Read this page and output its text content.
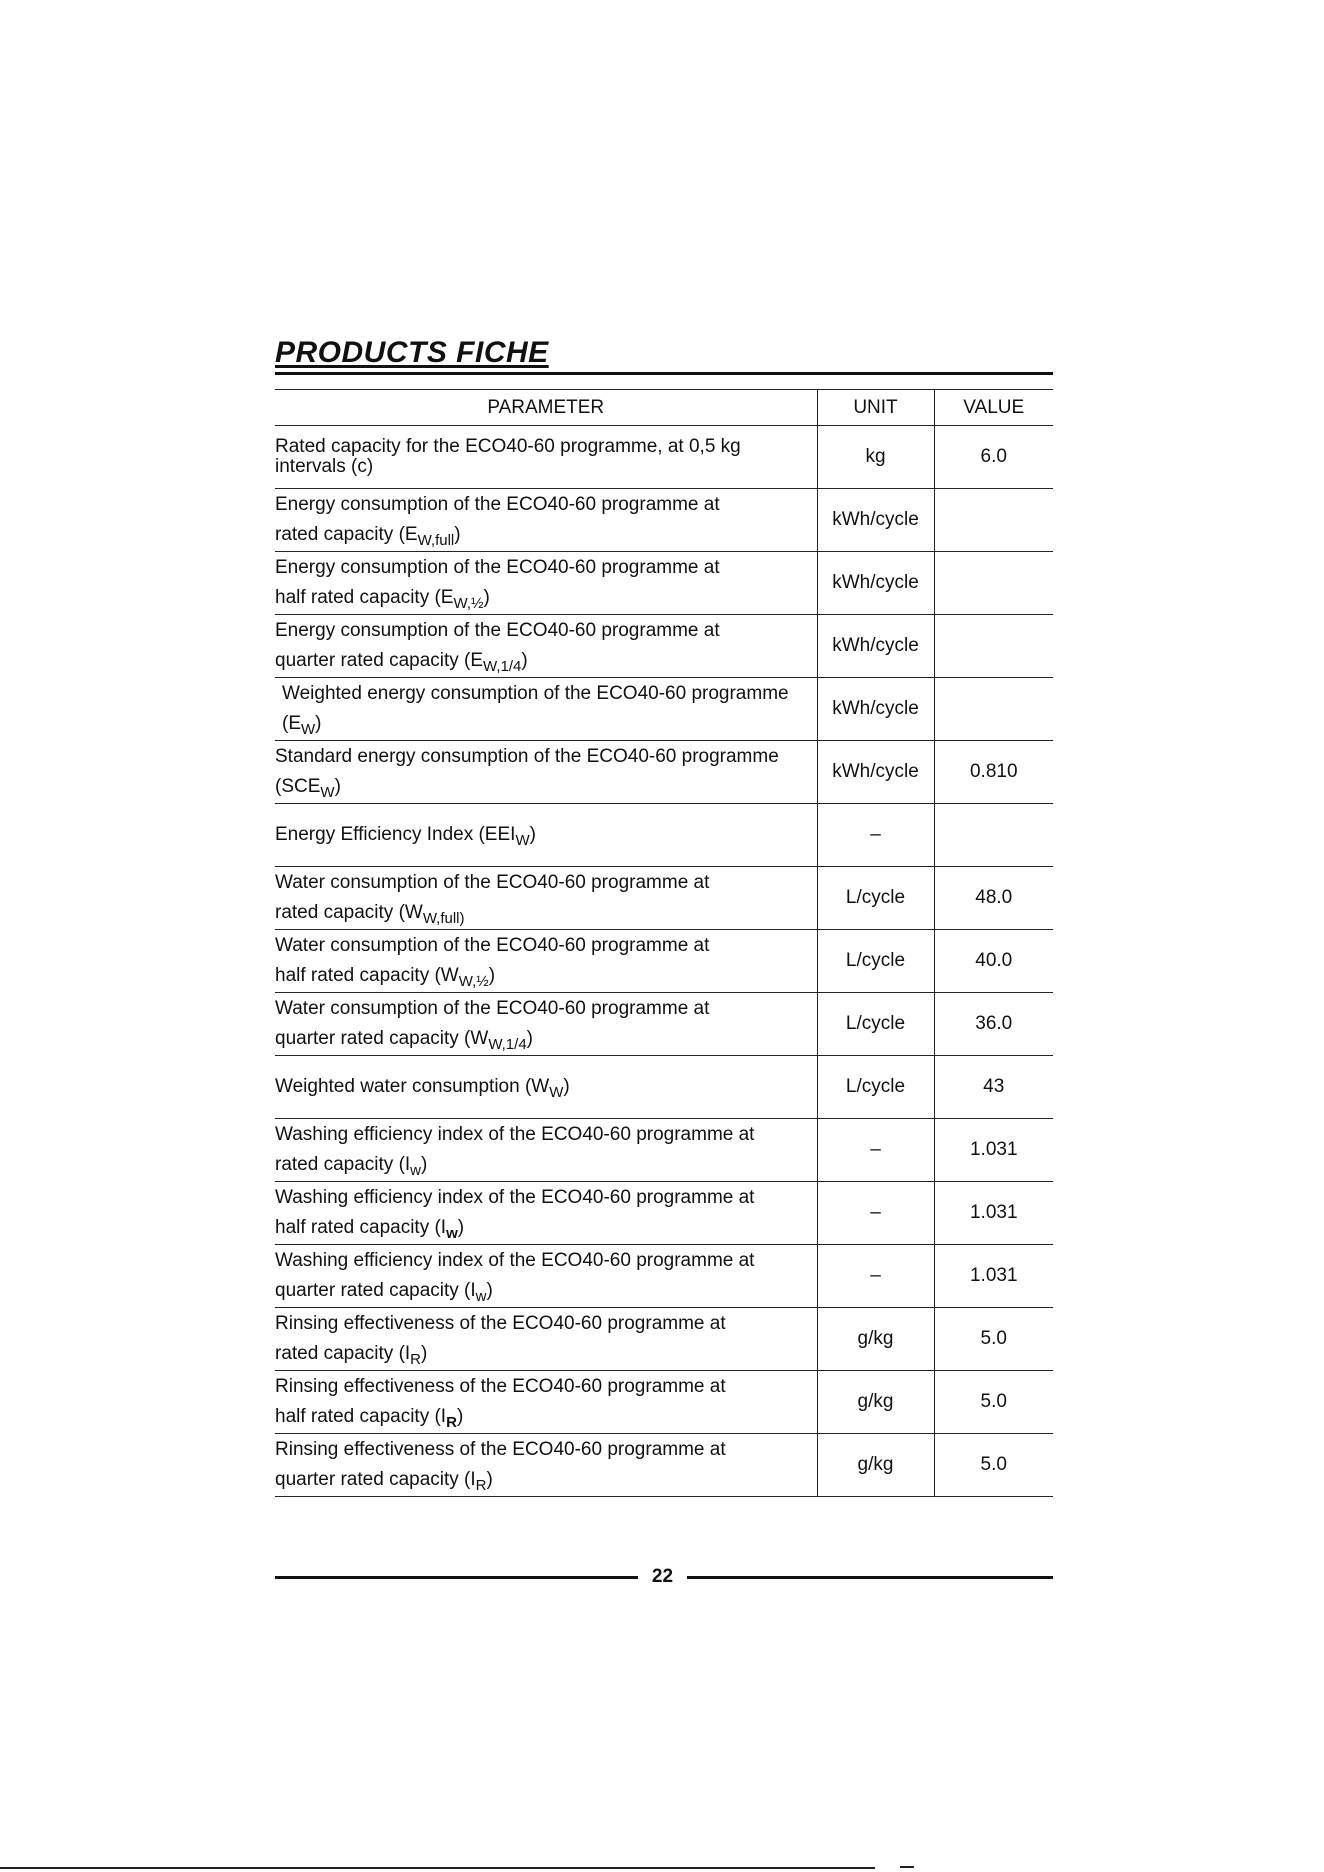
PRODUCTS FICHE
PARAMETER	UNIT	VALUE

Rated capacity for the ECO40-60 programme, at 0,5 kg
intervals (c)	kg	6.0

Energy consumption of the ECO40-60 programme at
rated capacity $(E_{W,full})$	kWh/cycle	

Energy consumption of the ECO40-60 programme at
half rated capacity $(E_{W,\frac{1}{2}})$	kWh/cycle	

Energy consumption of the ECO40-60 programme at
quarter rated capacity $(E_{W,1/4})$	kWh/cycle	

Weighted energy consumption of the ECO40-60 programme
$(E_W)$	kWh/cycle	

Standard energy consumption of the ECO40-60 programme
$(SCE_W)$	kWh/cycle	0.810

Energy Efficiency Index $(EEI_W)$	–	

Water consumption of the ECO40-60 programme at
rated capacity ($W_{W,full)}$	L/cycle	48.0

Water consumption of the ECO40-60 programme at
half rated capacity $(W_{W,\frac{1}{2}})$	L/cycle	40.0

Water consumption of the ECO40-60 programme at
quarter rated capacity $(W_{W,1/4})$	L/cycle	36.0

Weighted water consumption $(W_W)$	L/cycle	43

Washing efficiency index of the ECO40-60 programme at
rated capacity $(I_w)$	–	1.031

Washing efficiency index of the ECO40-60 programme at
half rated capacity $(I_w)$	–	1.031

Washing efficiency index of the ECO40-60 programme at
quarter rated capacity $(I_w)$	–	1.031

Rinsing effectiveness of the ECO40-60 programme at
rated capacity $(I_R)$	g/kg	5.0

Rinsing effectiveness of the ECO40-60 programme at
half rated capacity $(I_R)$	g/kg	5.0

Rinsing effectiveness of the ECO40-60 programme at
quarter rated capacity $(I_R)$	g/kg	5.0
22
